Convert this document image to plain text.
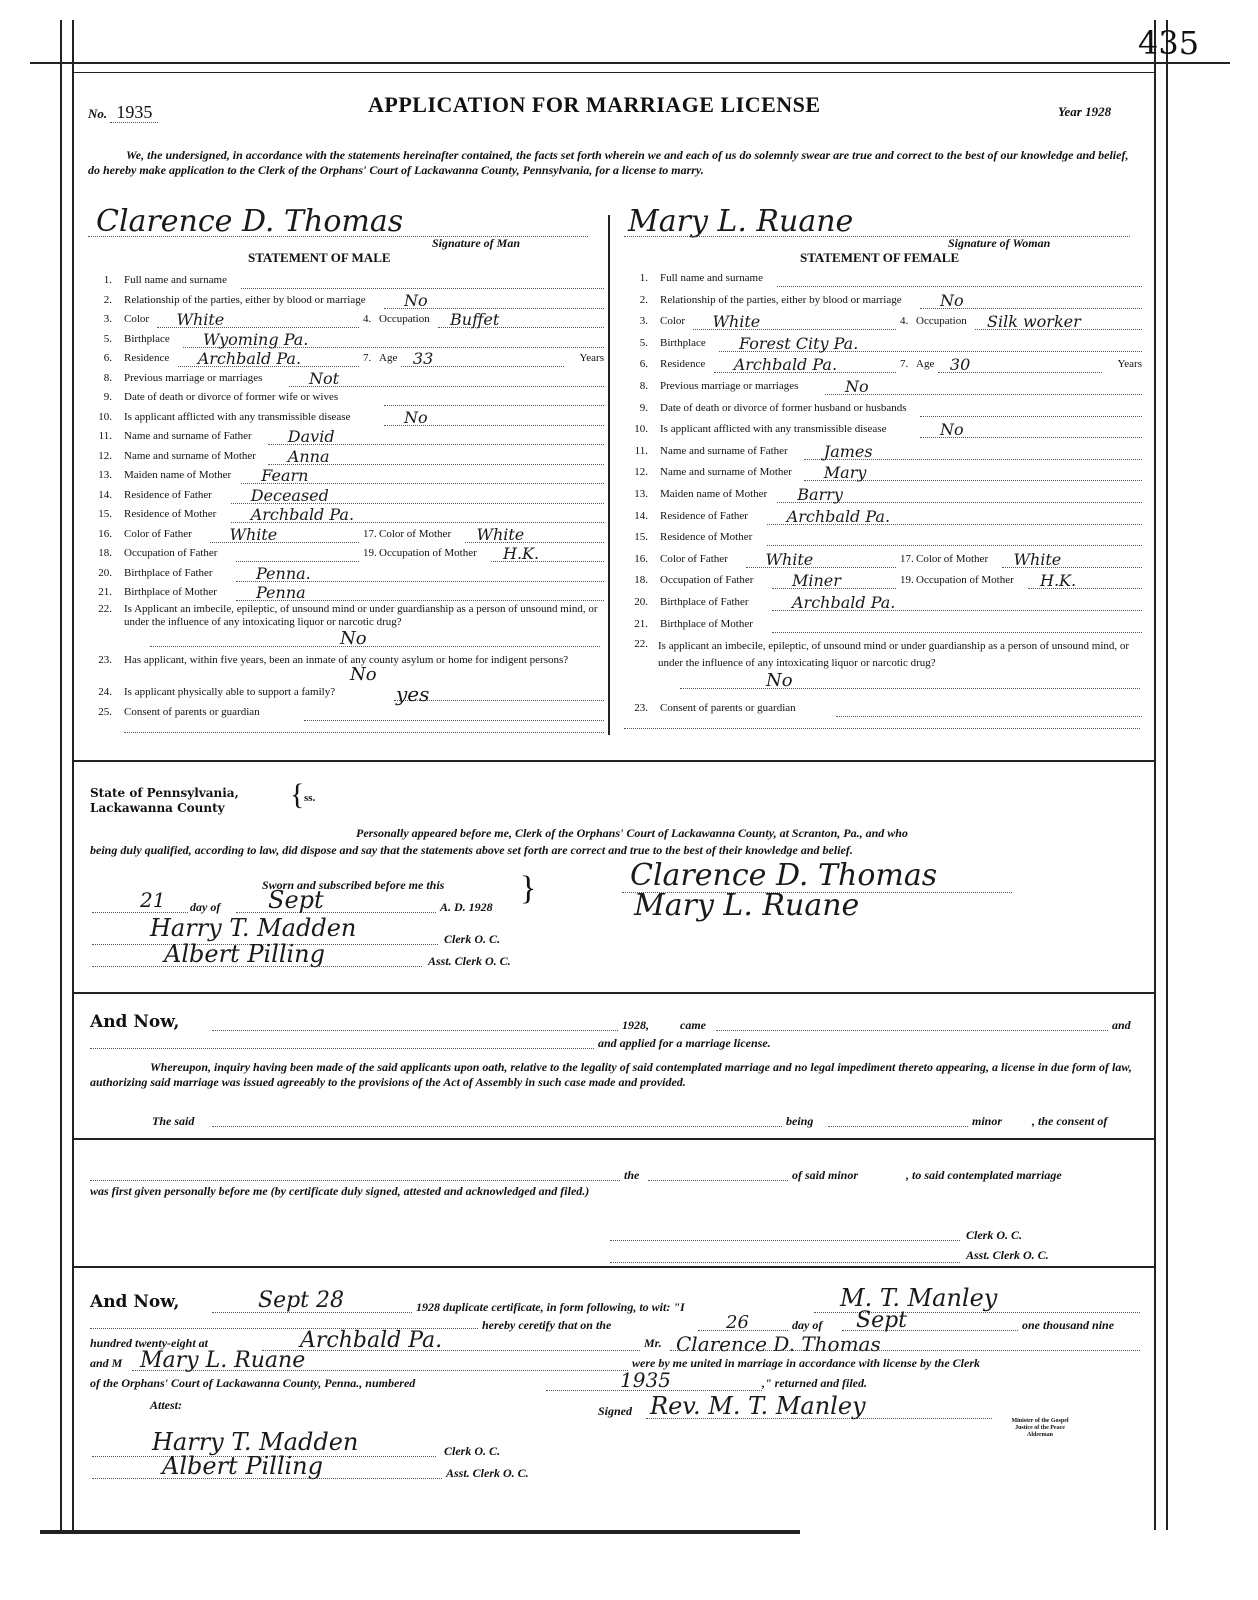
435
No. 1935	APPLICATION FOR MARRIAGE LICENSE	Year 1928
We, the undersigned, in accordance with the statements hereinafter contained, the facts set forth wherein we and each of us do solemnly swear are true and correct to the best of our knowledge and belief, do hereby make application to the Clerk of the Orphans' Court of Lackawanna County, Pennsylvania, for a license to marry.
Clarence D. Thomas
Signature of Man
STATEMENT OF MALE
Mary L. Ruane
Signature of Woman
STATEMENT OF FEMALE
1. Full name and surname
2. Relationship of the parties, either by blood or marriage No
3. Color White	4. Occupation Buffet
5. Birthplace Wyoming Pa.
6. Residence Archbald Pa.	7. Age 33	Years
8. Previous marriage or marriages	Not
9. Date of death or divorce of former wife or wives
10. Is applicant afflicted with any transmissible disease	No
11. Name and surname of Father David
12. Name and surname of Mother Anna
13. Maiden name of Mother Fearn
14. Residence of Father Deceased
15. Residence of Mother Archbald Pa.
16. Color of Father White	17. Color of Mother White
18. Occupation of Father	19. Occupation of Mother H.K.
20. Birthplace of Father	Penna.
21. Birthplace of Mother Penna
1. Full name and surname
2. Relationship of the parties, either by blood or marriage No
3. Color White	4. Occupation Silk worker
5. Birthplace Forest City Pa.
6. Residence Archbald Pa.	7. Age 30	Years
8. Previous marriage or marriages	No
9. Date of death or divorce of former husband or husbands
10. Is applicant afflicted with any transmissible disease	No
11. Name and surname of Father James
12. Name and surname of Mother Mary
13. Maiden name of Mother Barry
14. Residence of Father Archbald Pa.
15. Residence of Mother
16. Color of Father White	17. Color of Mother White
18. Occupation of Father Miner	19. Occupation of Mother H.K.
20. Birthplace of Father	Archbald Pa.
21. Birthplace of Mother
22. Is Applicant an imbecile, epileptic, of unsound mind or under guardianship as a person of unsound mind, or under the influence of any intoxicating liquor or narcotic drug?
No
23. Has applicant, within five years, been an inmate of any county asylum or home for indigent persons?
No
24. Is applicant physically able to support a family?	yes
25. Consent of parents or guardian
22. Is applicant an imbecile, epileptic, of unsound mind or under guardianship as a person of unsound mind, or under the influence of any intoxicating liquor or narcotic drug?
No
23. Consent of parents or guardian
State of Pennsylvania,
Lackawanna County	{ ss.
Personally appeared before me, Clerk of the Orphans' Court of Lackawanna County, at Scranton, Pa., and who
being duly qualified, according to law, did dispose and say that the statements above set forth are correct and true to the best of their knowledge and belief.
Sworn and subscribed before me this }
21 day of Sept	A. D. 1928
Harry T. Madden	Clerk O. C.
Albert Pilling	Asst. Clerk O. C.
Clarence D. Thomas
Mary L. Ruane
And Now,	1928,	came	and
and applied for a marriage license.
Whereupon, inquiry having been made of the said applicants upon oath, relative to the legality of said contemplated marriage and no legal impediment thereto appearing, a license in due form of law, authorizing said marriage was issued agreeably to the provisions of the Act of Assembly in such case made and provided.
The said	being	minor , the consent of
the	of said minor	, to said contemplated marriage
was first given personally before me (by certificate duly signed, attested and acknowledged and filed.)
Clerk O. C.
Asst. Clerk O. C.
And Now,	Sept 28	1928 duplicate certificate, in form following, to wit: "I	M. T. Manley
hereby ceretify that on the	26	day of Sept	one thousand nine
hundred twenty-eight at	Archbald Pa.	Mr. Clarence D. Thomas
and M Mary L. Ruane	were by me united in marriage in accordance with license by the Clerk
of the Orphans' Court of Lackawanna County, Penna., numbered	1935	," returned and filed.
Attest:	Signed Rev. M. T. Manley
Minister of the Gospel
Justice of the Peace
Alderman
Harry T. Madden	Clerk O. C.
Albert Pilling	Asst. Clerk O. C.
